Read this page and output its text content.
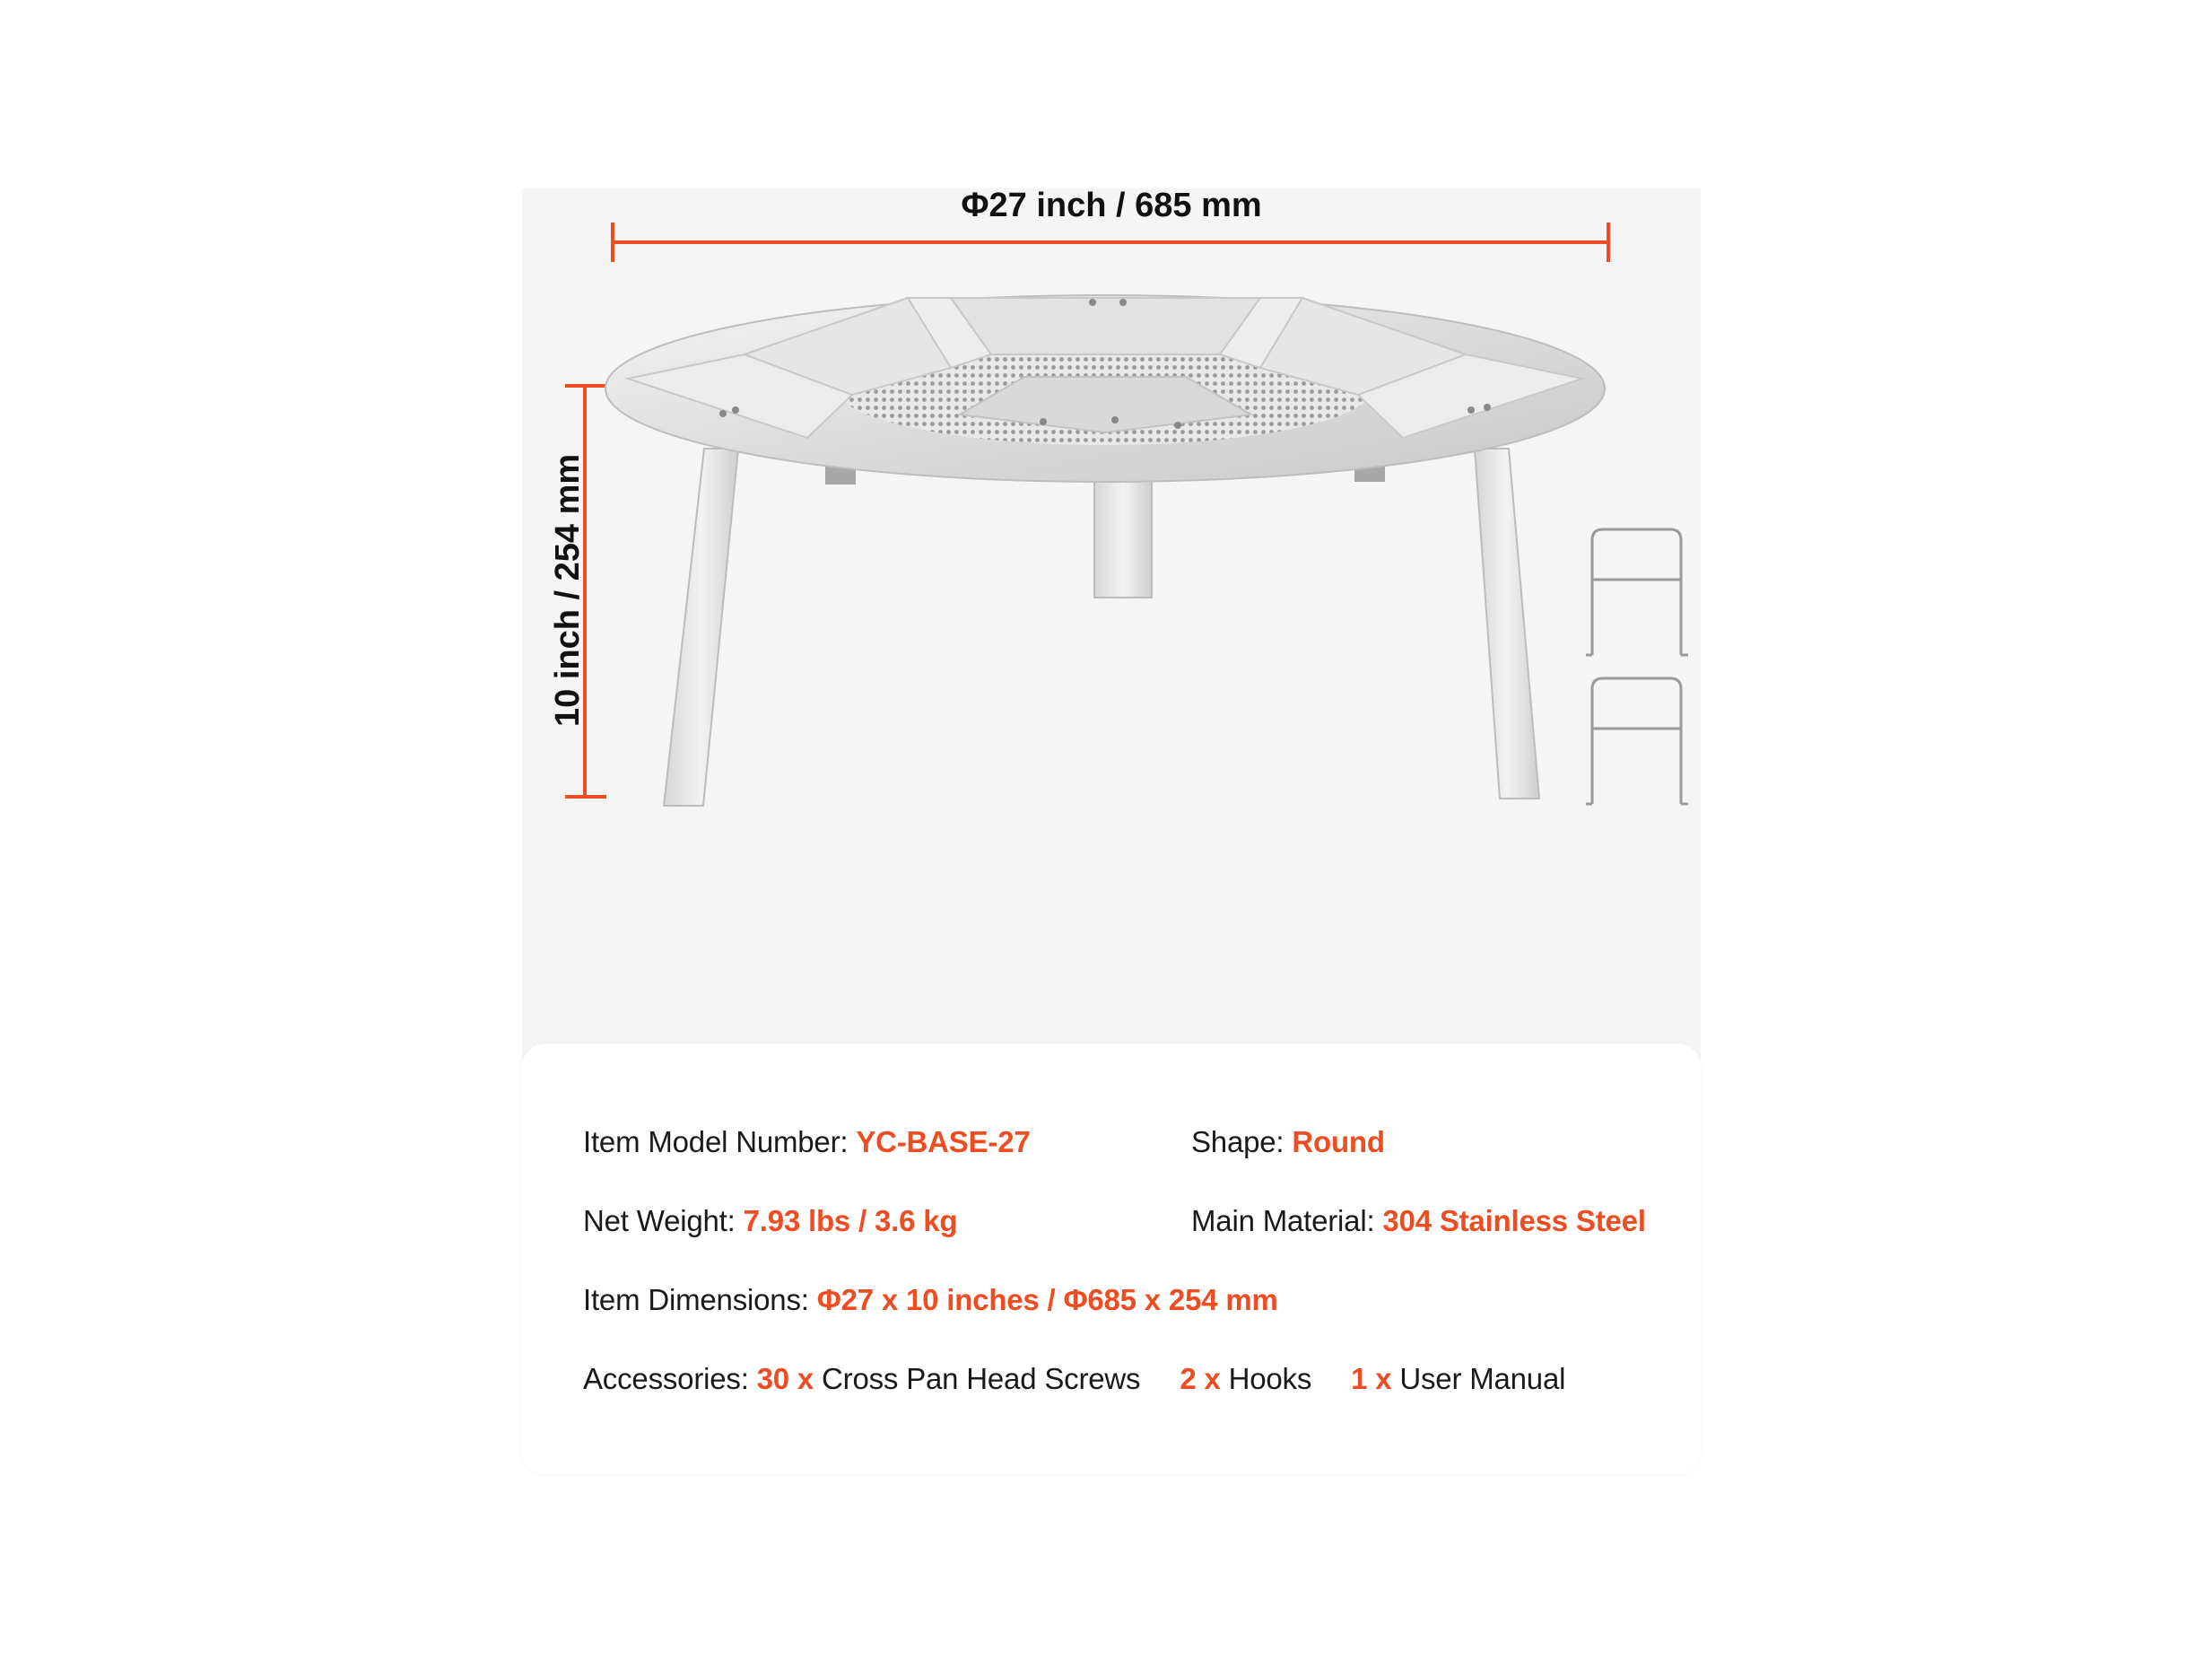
Φ27 inch / 685 mm
10 inch / 254 mm
Item Model Number: YC-BASE-27	Shape: Round
Net Weight: 7.93 lbs / 3.6 kg	Main Material: 304 Stainless Steel
Item Dimensions: Φ27 x 10 inches / Φ685 x 254 mm
Accessories: 30 x Cross Pan Head Screws 2 x Hooks 1 x User Manual
